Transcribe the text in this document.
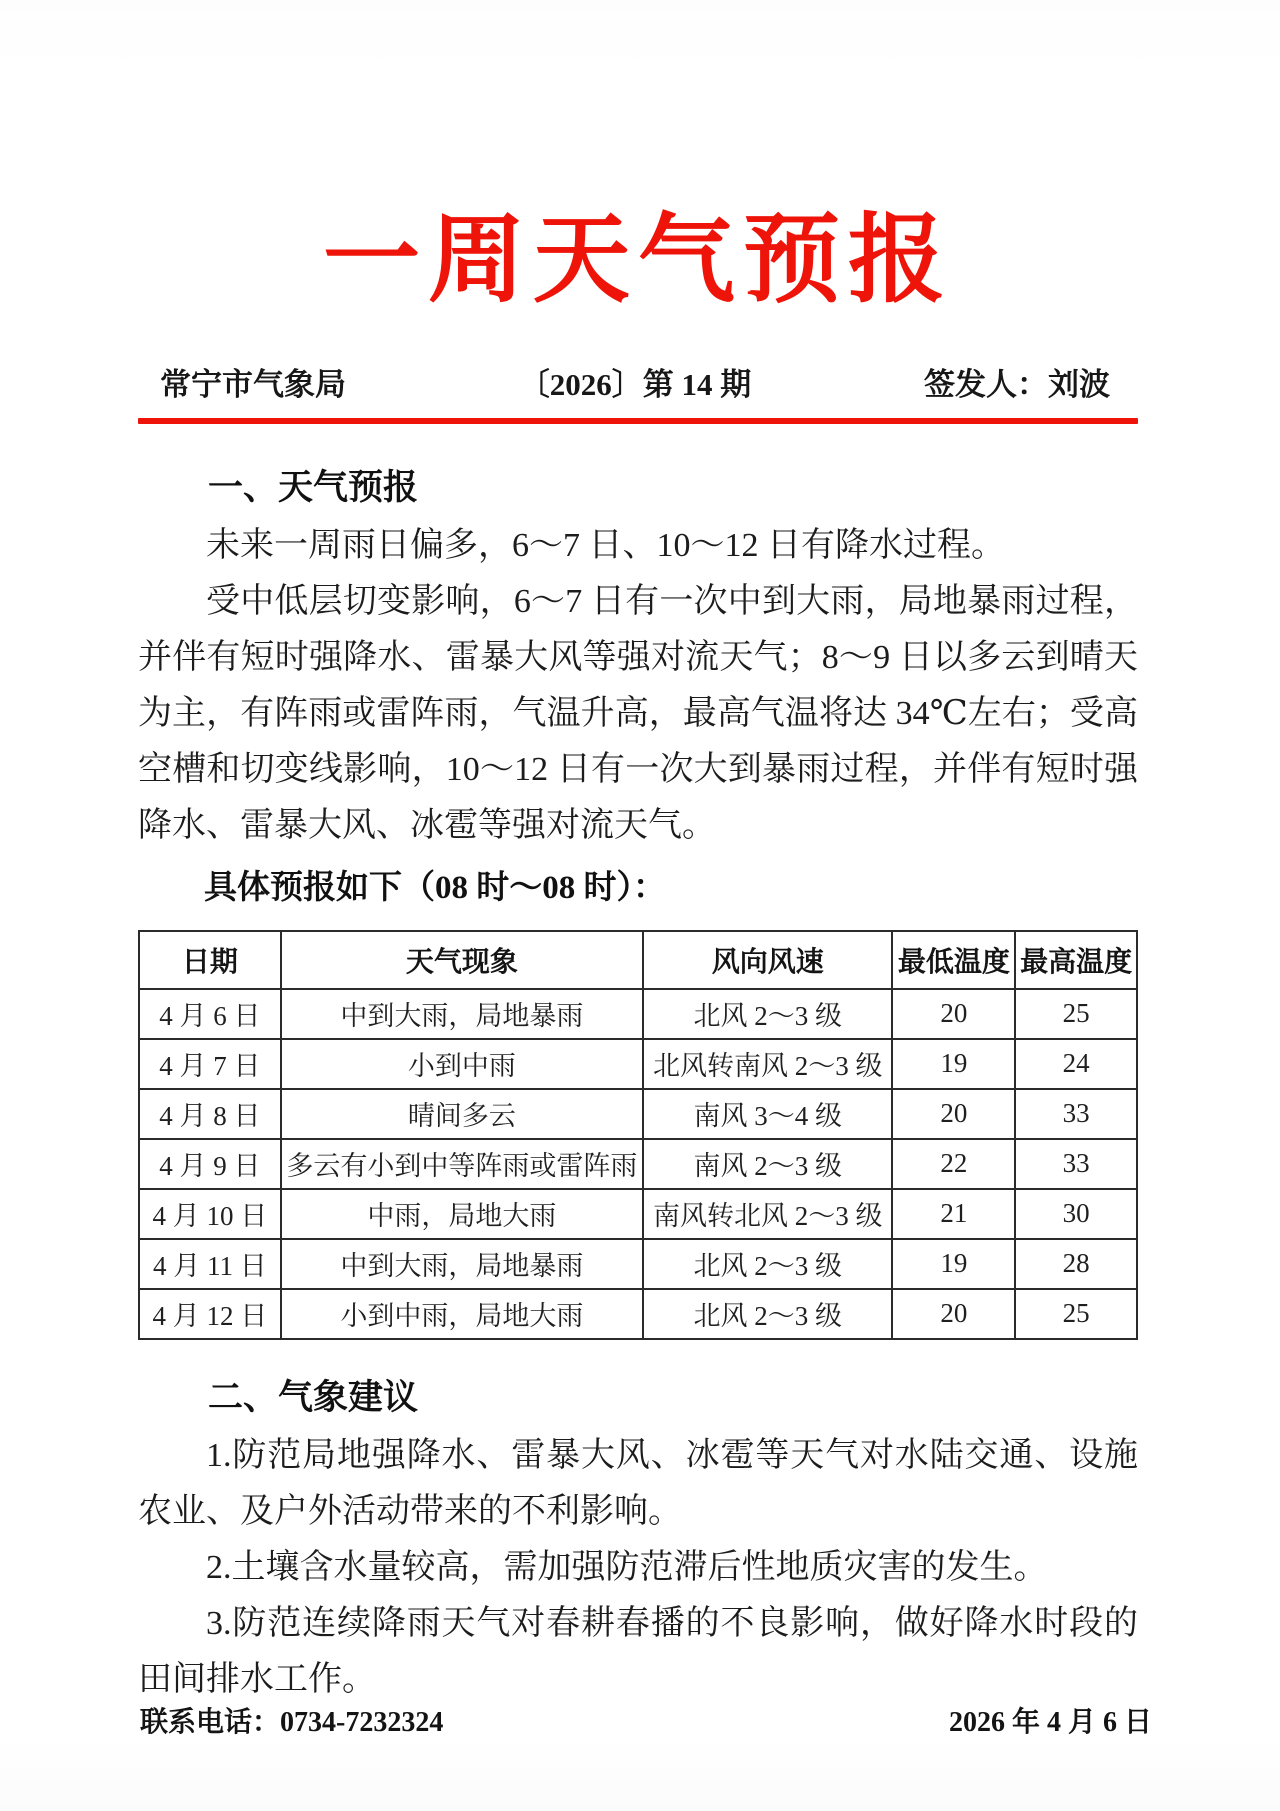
一周天气预报
常宁市气象局	〔2026〕第 14 期	签发人：刘波
一、天气预报

未来一周雨日偏多，6～7 日、10～12 日有降水过程。

受中低层切变影响，6～7 日有一次中到大雨，局地暴雨过程，并伴有短时强降水、雷暴大风等强对流天气；8～9 日以多云到晴天为主，有阵雨或雷阵雨，气温升高，最高气温将达 34℃左右；受高空槽和切变线影响，10～12 日有一次大到暴雨过程，并伴有短时强降水、雷暴大风、冰雹等强对流天气。

具体预报如下（08 时～08 时）：

日期	天气现象	风向风速	最低温度	最高温度
4 月 6 日	中到大雨，局地暴雨	北风 2～3 级	20	25
4 月 7 日	小到中雨	北风转南风 2～3 级	19	24
4 月 8 日	晴间多云	南风 3～4 级	20	33
4 月 9 日	多云有小到中等阵雨或雷阵雨	南风 2～3 级	22	33
4 月 10 日	中雨，局地大雨	南风转北风 2～3 级	21	30
4 月 11 日	中到大雨，局地暴雨	北风 2～3 级	19	28
4 月 12 日	小到中雨，局地大雨	北风 2～3 级	20	25
二、气象建议

1.防范局地强降水、雷暴大风、冰雹等天气对水陆交通、设施农业、及户外活动带来的不利影响。

2.土壤含水量较高，需加强防范滞后性地质灾害的发生。

3.防范连续降雨天气对春耕春播的不良影响，做好降水时段的田间排水工作。

联系电话：0734-7232324	2026 年 4 月 6 日
